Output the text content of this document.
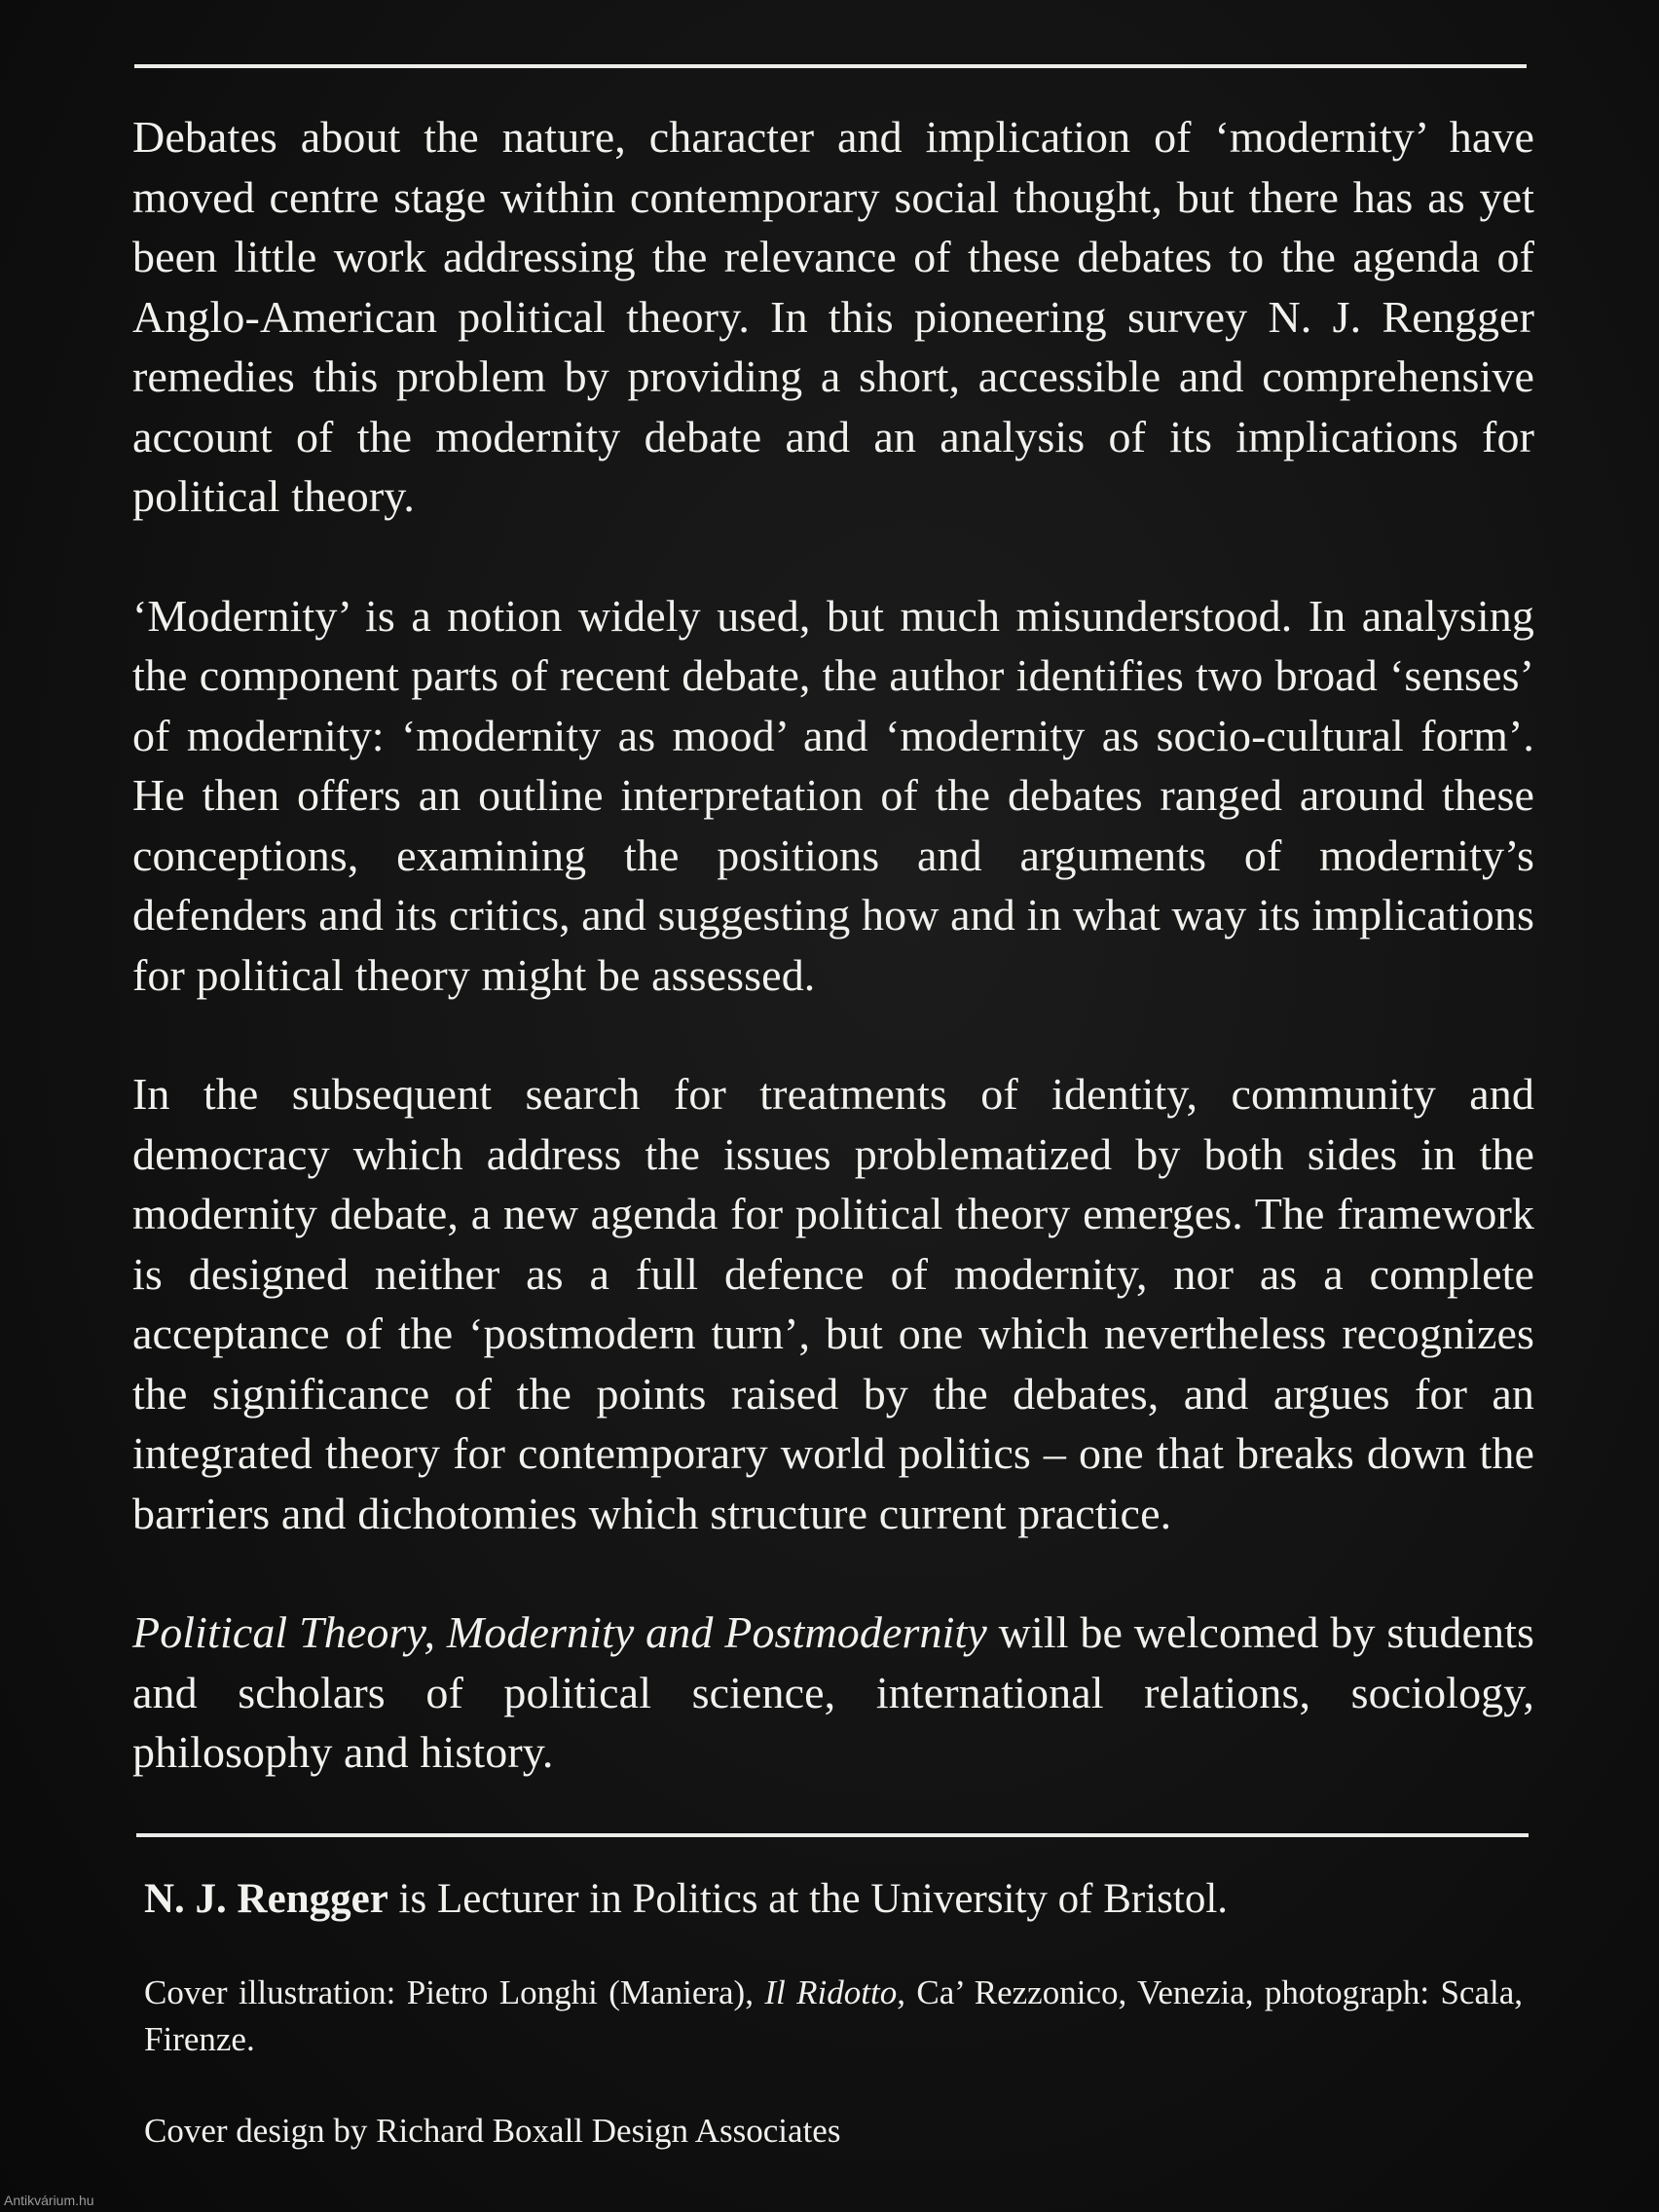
Debates about the nature, character and implication of ‘modernity’ have moved centre stage within contemporary social thought, but there has as yet been little work addressing the relevance of these debates to the agenda of Anglo-American political theory. In this pioneering survey N. J. Rengger remedies this problem by providing a short, accessible and comprehensive account of the modernity debate and an analysis of its implications for political theory.

‘Modernity’ is a notion widely used, but much misunderstood. In analysing the component parts of recent debate, the author identifies two broad ‘senses’ of modernity: ‘modernity as mood’ and ‘modernity as socio-cultural form’. He then offers an outline interpretation of the debates ranged around these conceptions, examining the positions and arguments of modernity’s defenders and its critics, and suggesting how and in what way its implications for political theory might be assessed.

In the subsequent search for treatments of identity, community and democracy which address the issues problematized by both sides in the modernity debate, a new agenda for political theory emerges. The framework is designed neither as a full defence of modernity, nor as a complete acceptance of the ‘postmodern turn’, but one which nevertheless recognizes the significance of the points raised by the debates, and argues for an integrated theory for contemporary world politics – one that breaks down the barriers and dichotomies which structure current practice.

Political Theory, Modernity and Postmodernity will be welcomed by students and scholars of political science, international relations, sociology, philosophy and history.

N. J. Rengger is Lecturer in Politics at the University of Bristol.

Cover illustration: Pietro Longhi (Maniera), Il Ridotto, Ca’ Rezzonico, Venezia, photograph: Scala, Firenze.

Cover design by Richard Boxall Design Associates

Antikvárium.hu
